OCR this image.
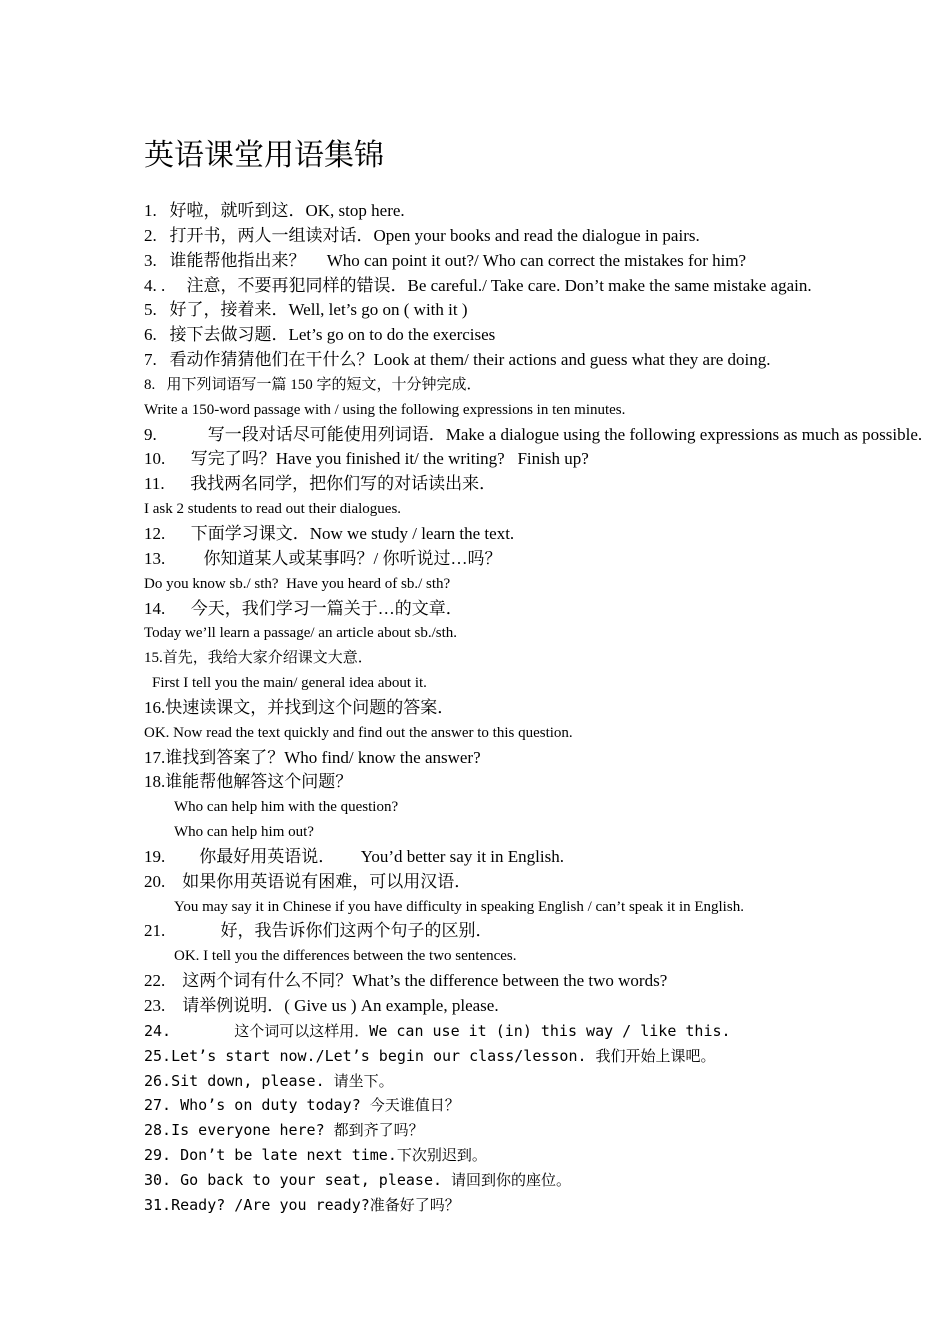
英语课堂用语集锦
1.   好啦，就听到这．OK, stop here.
2.   打开书，两人一组读对话．Open your books and read the dialogue in pairs.
3.   谁能帮他指出来？     Who can point it out?/ Who can correct the mistakes for him?
4. .     注意，不要再犯同样的错误．Be careful./ Take care. Don’t make the same mistake again.
5.   好了，接着来．Well, let’s go on ( with it )
6.   接下去做习题．Let’s go on to do the exercises
7.   看动作猜猜他们在干什么？Look at them/ their actions and guess what they are doing.
8.   用下列词语写一篇 150 字的短文，十分钟完成．
Write a 150-word passage with / using the following expressions in ten minutes.
9.            写一段对话尽可能使用列词语．Make a dialogue using the following expressions as much as possible.
10.      写完了吗？Have you finished it/ the writing?   Finish up?
11.      我找两名同学，把你们写的对话读出来．
I ask 2 students to read out their dialogues.
12.      下面学习课文．Now we study / learn the text.
13.         你知道某人或某事吗？/ 你听说过…吗？
Do you know sb./ sth?  Have you heard of sb./ sth?
14.      今天，我们学习一篇关于…的文章．
Today we’ll learn a passage/ an article about sb./sth.
15.首先，我给大家介绍课文大意．
First I tell you the main/ general idea about it.
16.快速读课文，并找到这个问题的答案．
OK. Now read the text quickly and find out the answer to this question.
17.谁找到答案了？Who find/ know the answer?
18.谁能帮他解答这个问题？
Who can help him with the question?
Who can help him out?
19.        你最好用英语说．      You’d better say it in English.
20.    如果你用英语说有困难，可以用汉语．
You may say it in Chinese if you have difficulty in speaking English / can’t speak it in English.
21.             好，我告诉你们这两个句子的区别．
OK. I tell you the differences between the two sentences.
22.    这两个词有什么不同？What’s the difference between the two words?
23.    请举例说明．( Give us ) An example, please.
24.       这个词可以这样用．We can use it (in) this way / like this.
25.Let’s start now./Let’s begin our class/lesson. 我们开始上课吧。
26.Sit down, please. 请坐下。
27. Who’s on duty today? 今天谁值日？
28.Is everyone here? 都到齐了吗？
29. Don’t be late next time.下次别迟到。
30. Go back to your seat, please. 请回到你的座位。
31.Ready? /Are you ready?准备好了吗？
